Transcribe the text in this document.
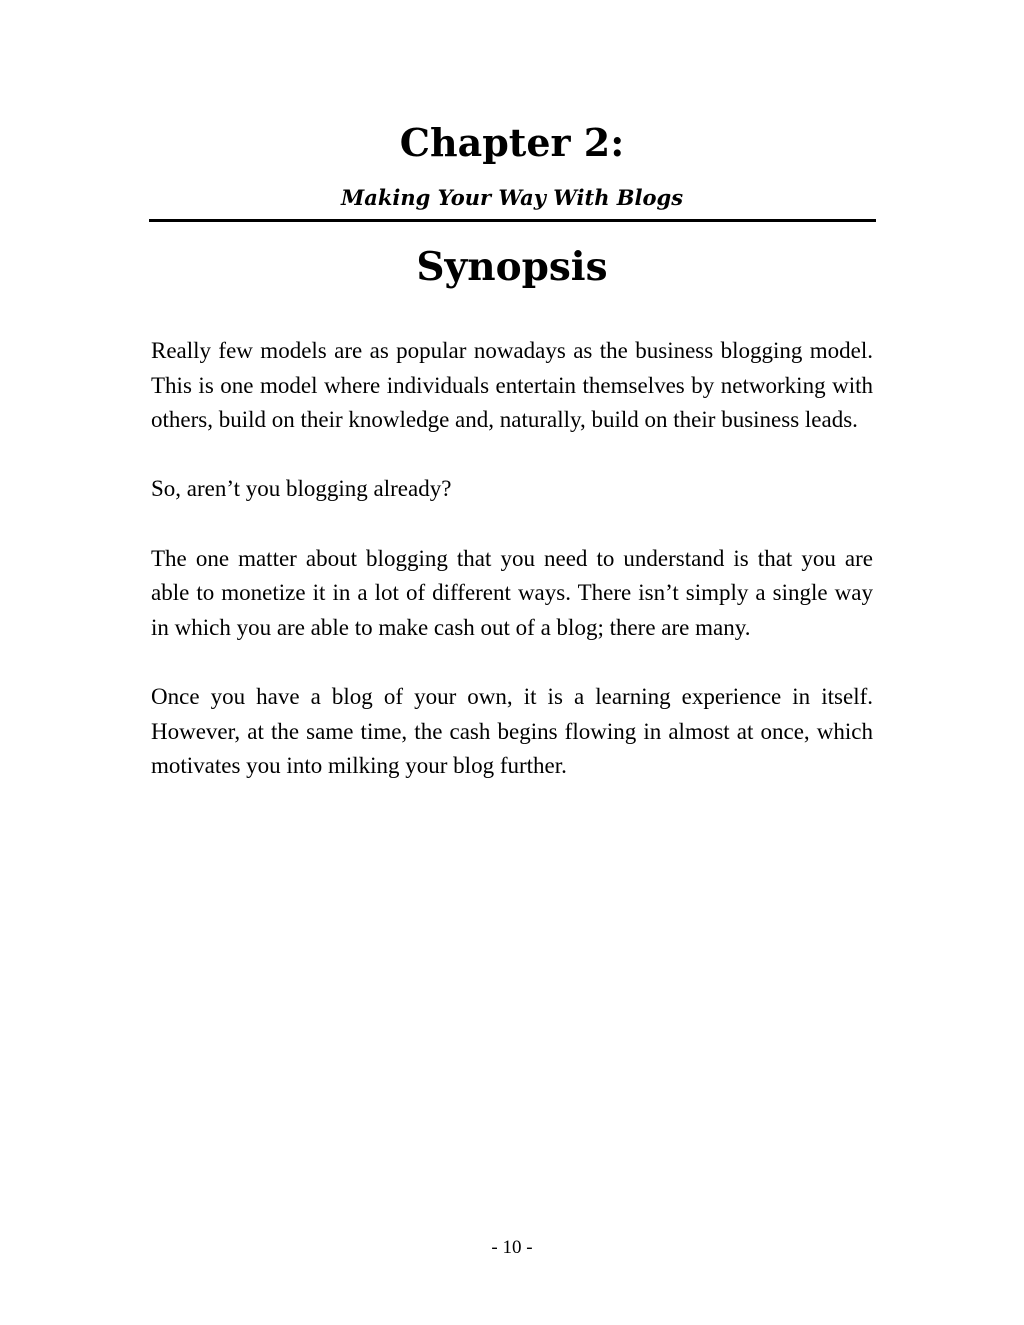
Chapter 2:
Making Your Way With Blogs
Synopsis

Really few models are as popular nowadays as the business blogging model. This is one model where individuals entertain themselves by networking with others, build on their knowledge and, naturally, build on their business leads.

So, aren’t you blogging already?

The one matter about blogging that you need to understand is that you are able to monetize it in a lot of different ways. There isn’t simply a single way in which you are able to make cash out of a blog; there are many.

Once you have a blog of your own, it is a learning experience in itself. However, at the same time, the cash begins flowing in almost at once, which motivates you into milking your blog further.

- 10 -
